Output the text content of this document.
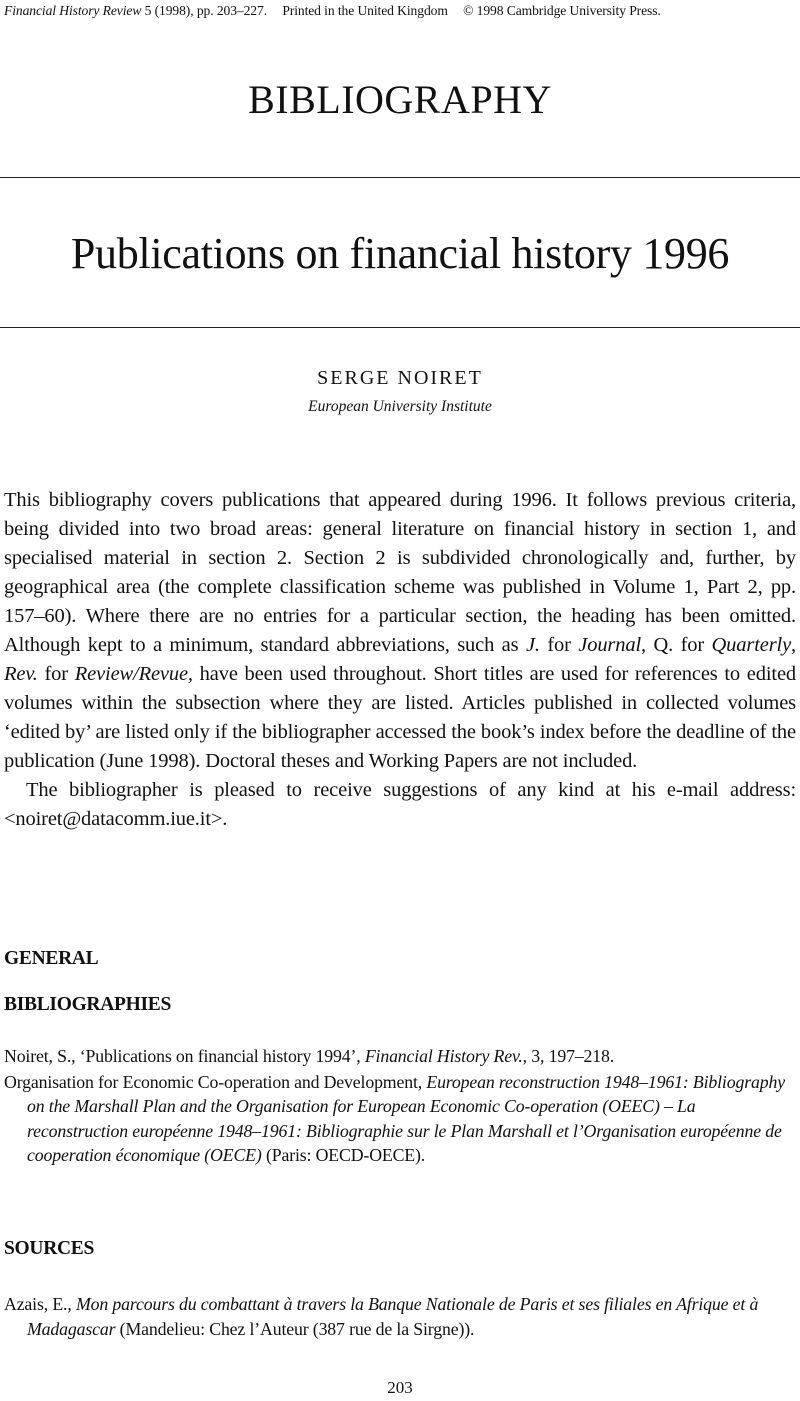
Financial History Review 5 (1998), pp. 203–227. Printed in the United Kingdom © 1998 Cambridge University Press.
BIBLIOGRAPHY
Publications on financial history 1996
SERGE NOIRET
European University Institute

This bibliography covers publications that appeared during 1996. It follows previous criteria, being divided into two broad areas: general literature on financial history in section 1, and specialised material in section 2. Section 2 is subdivided chronologically and, further, by geographical area (the complete classification scheme was published in Volume 1, Part 2, pp. 157–60). Where there are no entries for a particular section, the heading has been omitted. Although kept to a minimum, standard abbreviations, such as J. for Journal, Q. for Quarterly, Rev. for Review/Revue, have been used throughout. Short titles are used for references to edited volumes within the subsection where they are listed. Articles published in collected volumes ‘edited by’ are listed only if the bibliographer accessed the book’s index before the deadline of the publication (June 1998). Doctoral theses and Working Papers are not included.

The bibliographer is pleased to receive suggestions of any kind at his e-mail address: <noiret@datacomm.iue.it>.

GENERAL
BIBLIOGRAPHIES

Noiret, S., ‘Publications on financial history 1994’, Financial History Rev., 3, 197–218.

Organisation for Economic Co-operation and Development, European reconstruction 1948–1961: Bibliography on the Marshall Plan and the Organisation for European Economic Co-operation (OEEC) – La reconstruction européenne 1948–1961: Bibliographie sur le Plan Marshall et l’Organisation européenne de cooperation économique (OECE) (Paris: OECD-OECE).

SOURCES

Azais, E., Mon parcours du combattant à travers la Banque Nationale de Paris et ses filiales en Afrique et à Madagascar (Mandelieu: Chez l’Auteur (387 rue de la Sirgne)).

203
